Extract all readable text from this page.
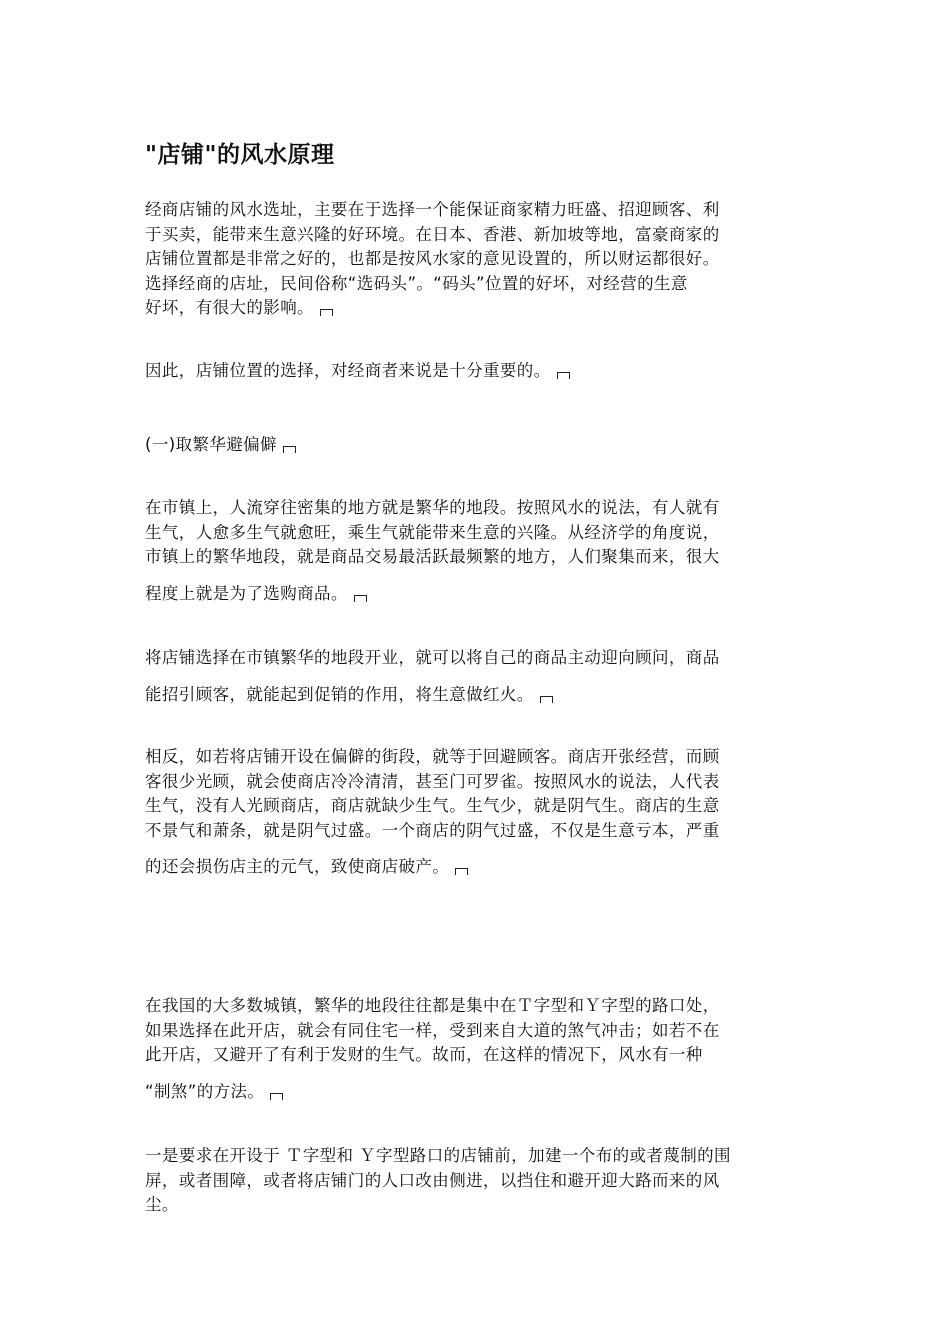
"店铺"的风水原理
经商店铺的风水选址，主要在于选择一个能保证商家精力旺盛、招迎顾客、利
于买卖，能带来生意兴隆的好环境。在日本、香港、新加坡等地，富豪商家的
店铺位置都是非常之好的，也都是按风水家的意见设置的，所以财运都很好。
选择经商的店址，民间俗称“选码头”。“码头”位置的好坏，对经营的生意
好坏，有很大的影响。
因此，店铺位置的选择，对经商者来说是十分重要的。
(一)取繁华避偏僻
在市镇上，人流穿往密集的地方就是繁华的地段。按照风水的说法，有人就有
生气，人愈多生气就愈旺，乘生气就能带来生意的兴隆。从经济学的角度说，
市镇上的繁华地段，就是商品交易最活跃最频繁的地方，人们聚集而来，很大
程度上就是为了选购商品。
将店铺选择在市镇繁华的地段开业，就可以将自己的商品主动迎向顾问，商品
能招引顾客，就能起到促销的作用，将生意做红火。
相反，如若将店铺开设在偏僻的街段，就等于回避顾客。商店开张经营，而顾
客很少光顾，就会使商店冷冷清清，甚至门可罗雀。按照风水的说法，人代表
生气，没有人光顾商店，商店就缺少生气。生气少，就是阴气生。商店的生意
不景气和萧条，就是阴气过盛。一个商店的阴气过盛，不仅是生意亏本，严重
的还会损伤店主的元气，致使商店破产。
在我国的大多数城镇，繁华的地段往往都是集中在Ｔ字型和Ｙ字型的路口处，
如果选择在此开店，就会有同住宅一样，受到来自大道的煞气冲击；如若不在
此开店，又避开了有利于发财的生气。故而，在这样的情况下，风水有一种
“制煞”的方法。
一是要求在开设于 Ｔ字型和 Ｙ字型路口的店铺前，加建一个布的或者蔑制的围
屏，或者围障，或者将店铺门的人口改由侧进，以挡住和避开迎大路而来的风
尘。
